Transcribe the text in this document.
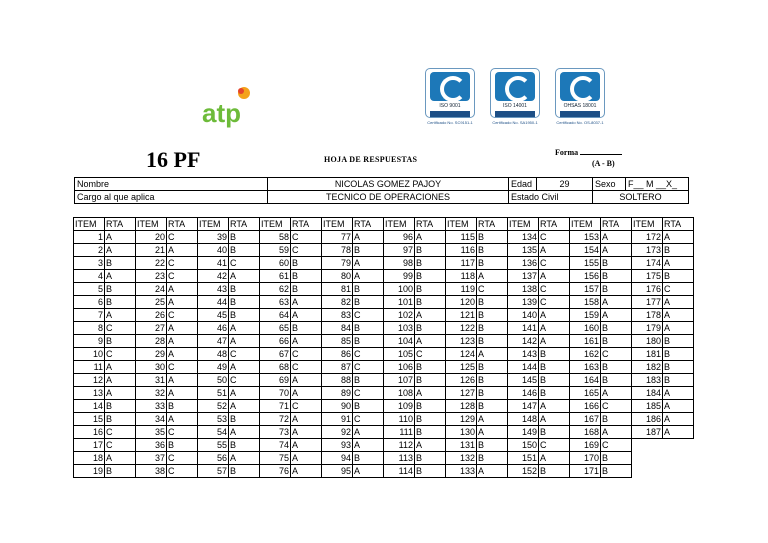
atp	ISO 9001
Certificado No. SC9151-1
ISO 14001
Certificado No. SA1950-1
OHSAS 18001
Certificado No. OS-8037-1
16 PF	HOJA DE RESPUESTAS
Forma
(A - B)
Nombre	NICOLAS GOMEZ PAJOY	Edad	29	Sexo	F__ M __X_
Cargo al que aplica	TECNICO DE OPERACIONES	Estado Civil		SOLTERO	
ITEM	RTA	ITEM	RTA	ITEM	RTA	ITEM	RTA	ITEM	RTA	ITEM	RTA	ITEM	RTA	ITEM	RTA	ITEM	RTA	ITEM	RTA
1	A	20	C	39	B	58	C	77	A	96	A	115	B	134	C	153	A	172	A
2	A	21	A	40	B	59	C	78	B	97	B	116	B	135	A	154	A	173	B
3	B	22	C	41	C	60	B	79	A	98	B	117	B	136	C	155	B	174	A
4	A	23	C	42	A	61	B	80	A	99	B	118	A	137	A	156	B	175	B
5	B	24	A	43	B	62	B	81	B	100	B	119	C	138	C	157	B	176	C
6	B	25	A	44	B	63	A	82	B	101	B	120	B	139	C	158	A	177	A
7	A	26	C	45	B	64	A	83	C	102	A	121	B	140	A	159	A	178	A
8	C	27	A	46	A	65	B	84	B	103	B	122	B	141	A	160	B	179	A
9	B	28	A	47	A	66	A	85	B	104	A	123	B	142	A	161	B	180	B
10	C	29	A	48	C	67	C	86	C	105	C	124	A	143	B	162	C	181	B
11	A	30	C	49	A	68	C	87	C	106	B	125	B	144	B	163	B	182	B
12	A	31	A	50	C	69	A	88	B	107	B	126	B	145	B	164	B	183	B
13	A	32	A	51	A	70	A	89	C	108	A	127	B	146	B	165	A	184	A
14	B	33	B	52	A	71	C	90	B	109	B	128	B	147	A	166	C	185	A
15	B	34	A	53	B	72	A	91	C	110	B	129	A	148	A	167	B	186	A
16	C	35	C	54	A	73	A	92	A	111	B	130	A	149	B	168	A	187	A
17	C	36	B	55	B	74	A	93	A	112	A	131	B	150	C	169	C		
18	A	37	C	56	A	75	A	94	B	113	B	132	B	151	A	170	B		
19	B	38	C	57	B	76	A	95	A	114	B	133	A	152	B	171	B		
